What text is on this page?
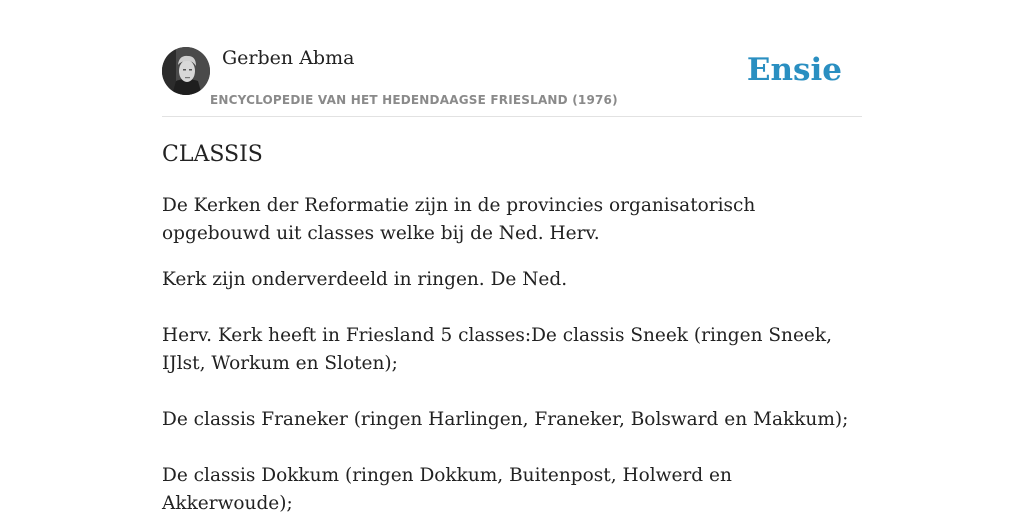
Gerben Abma
ENCYCLOPEDIE VAN HET HEDENDAAGSE FRIESLAND (1976)
Ensie
CLASSIS

De Kerken der Reformatie zijn in de provincies organisatorisch opgebouwd uit classes welke bij de Ned. Herv.

Kerk zijn onderverdeeld in ringen. De Ned.

Herv. Kerk heeft in Friesland 5 classes:De classis Sneek (ringen Sneek, IJlst, Workum en Sloten);

De classis Franeker (ringen Harlingen, Franeker, Bolsward en Makkum);

De classis Dokkum (ringen Dokkum, Buitenpost, Holwerd en Akkerwoude);
